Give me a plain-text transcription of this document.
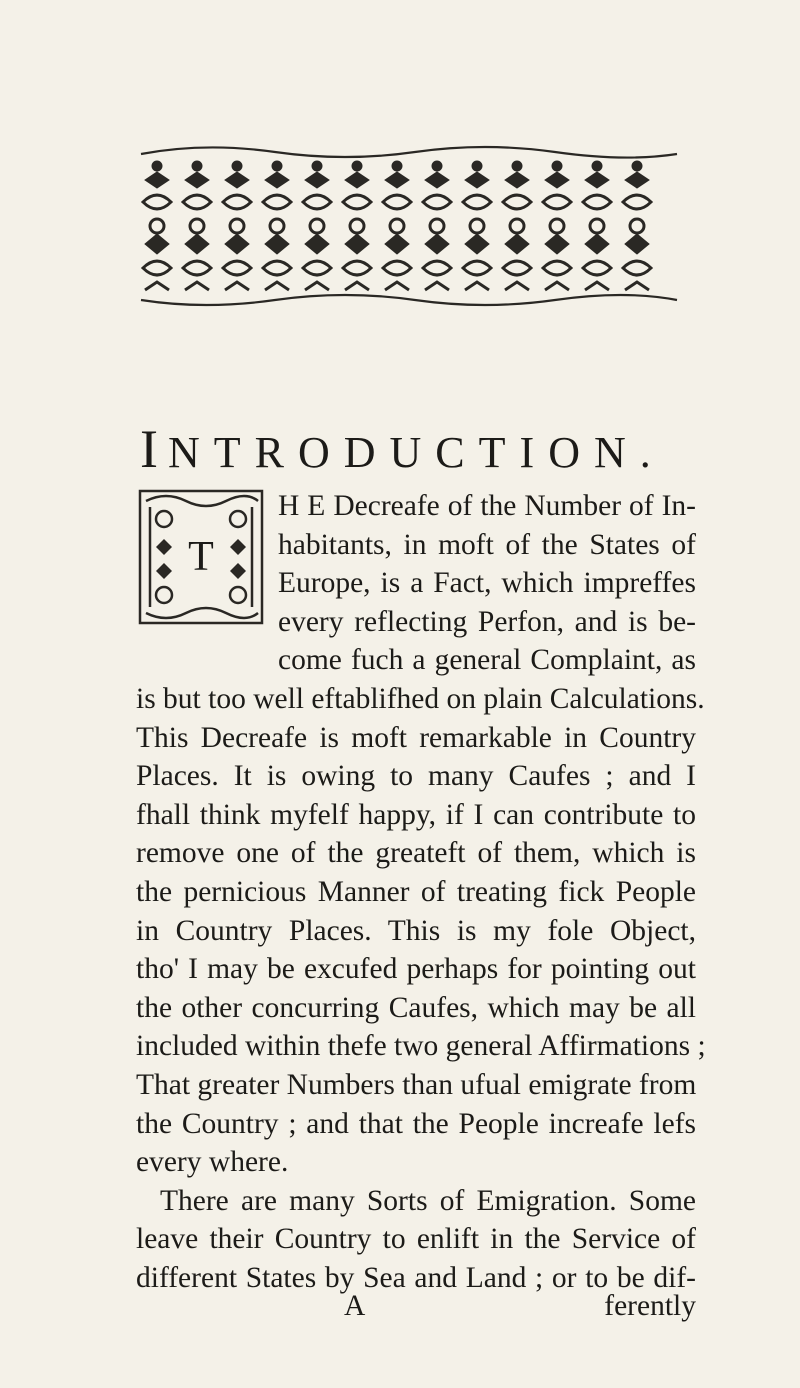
INTRODUCTION.
T
H E Decreafe of the Number of In-
habitants, in moft of the States of
Europe, is a Fact, which impreffes
every reflecting Perfon, and is be-
come fuch a general Complaint, as
is but too well eftablifhed on plain Calculations.
This Decreafe is moft remarkable in Country
Places. It is owing to many Caufes ; and I
fhall think myfelf happy, if I can contribute to
remove one of the greateft of them, which is
the pernicious Manner of treating fick People
in Country Places. This is my fole Object,
tho' I may be excufed perhaps for pointing out
the other concurring Caufes, which may be all
included within thefe two general Affirmations ;
That greater Numbers than ufual emigrate from
the Country ; and that the People increafe lefs
every where.
There are many Sorts of Emigration. Some
leave their Country to enlift in the Service of
different States by Sea and Land ; or to be dif-
A	ferently
